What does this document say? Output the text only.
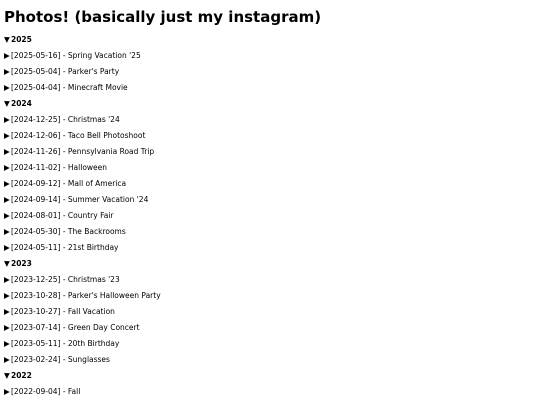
Photos! (basically just my instagram)
▼2025
▶[2025-05-16] - Spring Vacation '25
▶[2025-05-04] - Parker's Party
▶[2025-04-04] - Minecraft Movie
▼2024
▶[2024-12-25] - Christmas '24
▶[2024-12-06] - Taco Bell Photoshoot
▶[2024-11-26] - Pennsylvania Road Trip
▶[2024-11-02] - Halloween
▶[2024-09-12] - Mall of America
▶[2024-09-14] - Summer Vacation '24
▶[2024-08-01] - Country Fair
▶[2024-05-30] - The Backrooms
▶[2024-05-11] - 21st Birthday
▼2023
▶[2023-12-25] - Christmas '23
▶[2023-10-28] - Parker's Halloween Party
▶[2023-10-27] - Fall Vacation
▶[2023-07-14] - Green Day Concert
▶[2023-05-11] - 20th Birthday
▶[2023-02-24] - Sunglasses
▼2022
▶[2022-09-04] - Fall
